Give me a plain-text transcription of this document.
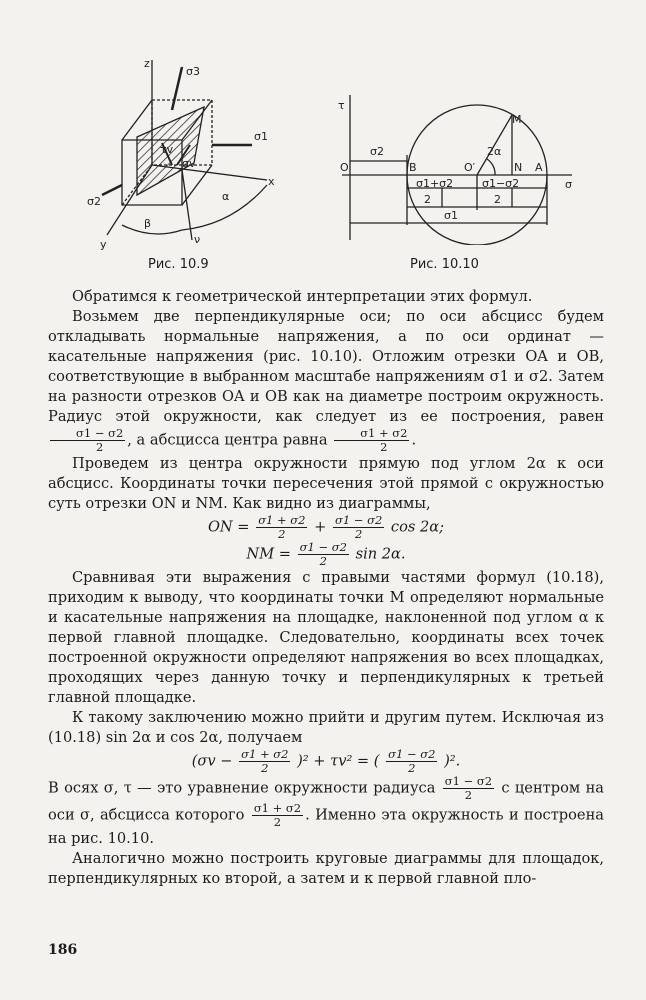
z
σ3
σ1
σ2
τv
σv
x
y
β
α
ν
Рис. 10.9
τ
M
σ2
O	B	O′
2α
N A
σ
σ1+σ2	σ1−σ2
2	2
σ1
Рис. 10.10

Обратимся к геометрической интерпретации этих формул.

Возьмем две перпендикулярные оси; по оси абсцисс будем откладывать нормальные напряжения, а по оси ординат — касательные напряжения (рис. 10.10). Отложим отрезки OA и OB, соответствующие в выбранном масштабе напряжениям σ1 и σ2. Затем на разности отрезков OA и OB как на диаметре построим окружность. Радиус этой окружности, как следует из ее построения, равен
$\frac{\sigma 1 - \sigma 2}{2}$ , а абсцисса центра равна $\frac{\sigma 1 + \sigma 2}{2}$ .

Проведем из центра окружности прямую под углом 2α к оси абсцисс. Координаты точки пересечения этой прямой с окружностью суть отрезки ON и NM. Как видно из диаграммы,

ON = $\frac{\sigma 1 + \sigma 2}{2} + \frac{\sigma 1 - \sigma 2}{2}$ cos 2α;

NM = $\frac{\sigma 1 - \sigma 2}{2}$ sin 2α.

Сравнивая эти выражения с правыми частями формул (10.18), приходим к выводу, что координаты точки M определяют нормальные и касательные напряжения на площадке, наклоненной под углом α к первой главной площадке. Следовательно, координаты всех точек построенной окружности определяют напряжения во всех площадках, проходящих через данную точку и перпендикулярных к третьей главной площадке.

К такому заключению можно прийти и другим путем. Исключая из (10.18) sin 2α и cos 2α, получаем

$(\sigma v - \frac{\sigma 1 + \sigma 2}{2} )^2 + \tau v^2$ = ( $\frac{\sigma 1 - \sigma 2}{2} )^2$.

В осях σ, τ — это уравнение окружности радиуса $\frac{\sigma 1 - \sigma 2}{2}$ с центром на оси σ, абсцисса которого $\frac{\sigma 1 + \sigma 2}{2}$ . Именно эта окружность и построена на рис. 10.10.

Аналогично можно построить круговые диаграммы для площадок, перпендикулярных ко второй, а затем и к первой главной пло-

186
